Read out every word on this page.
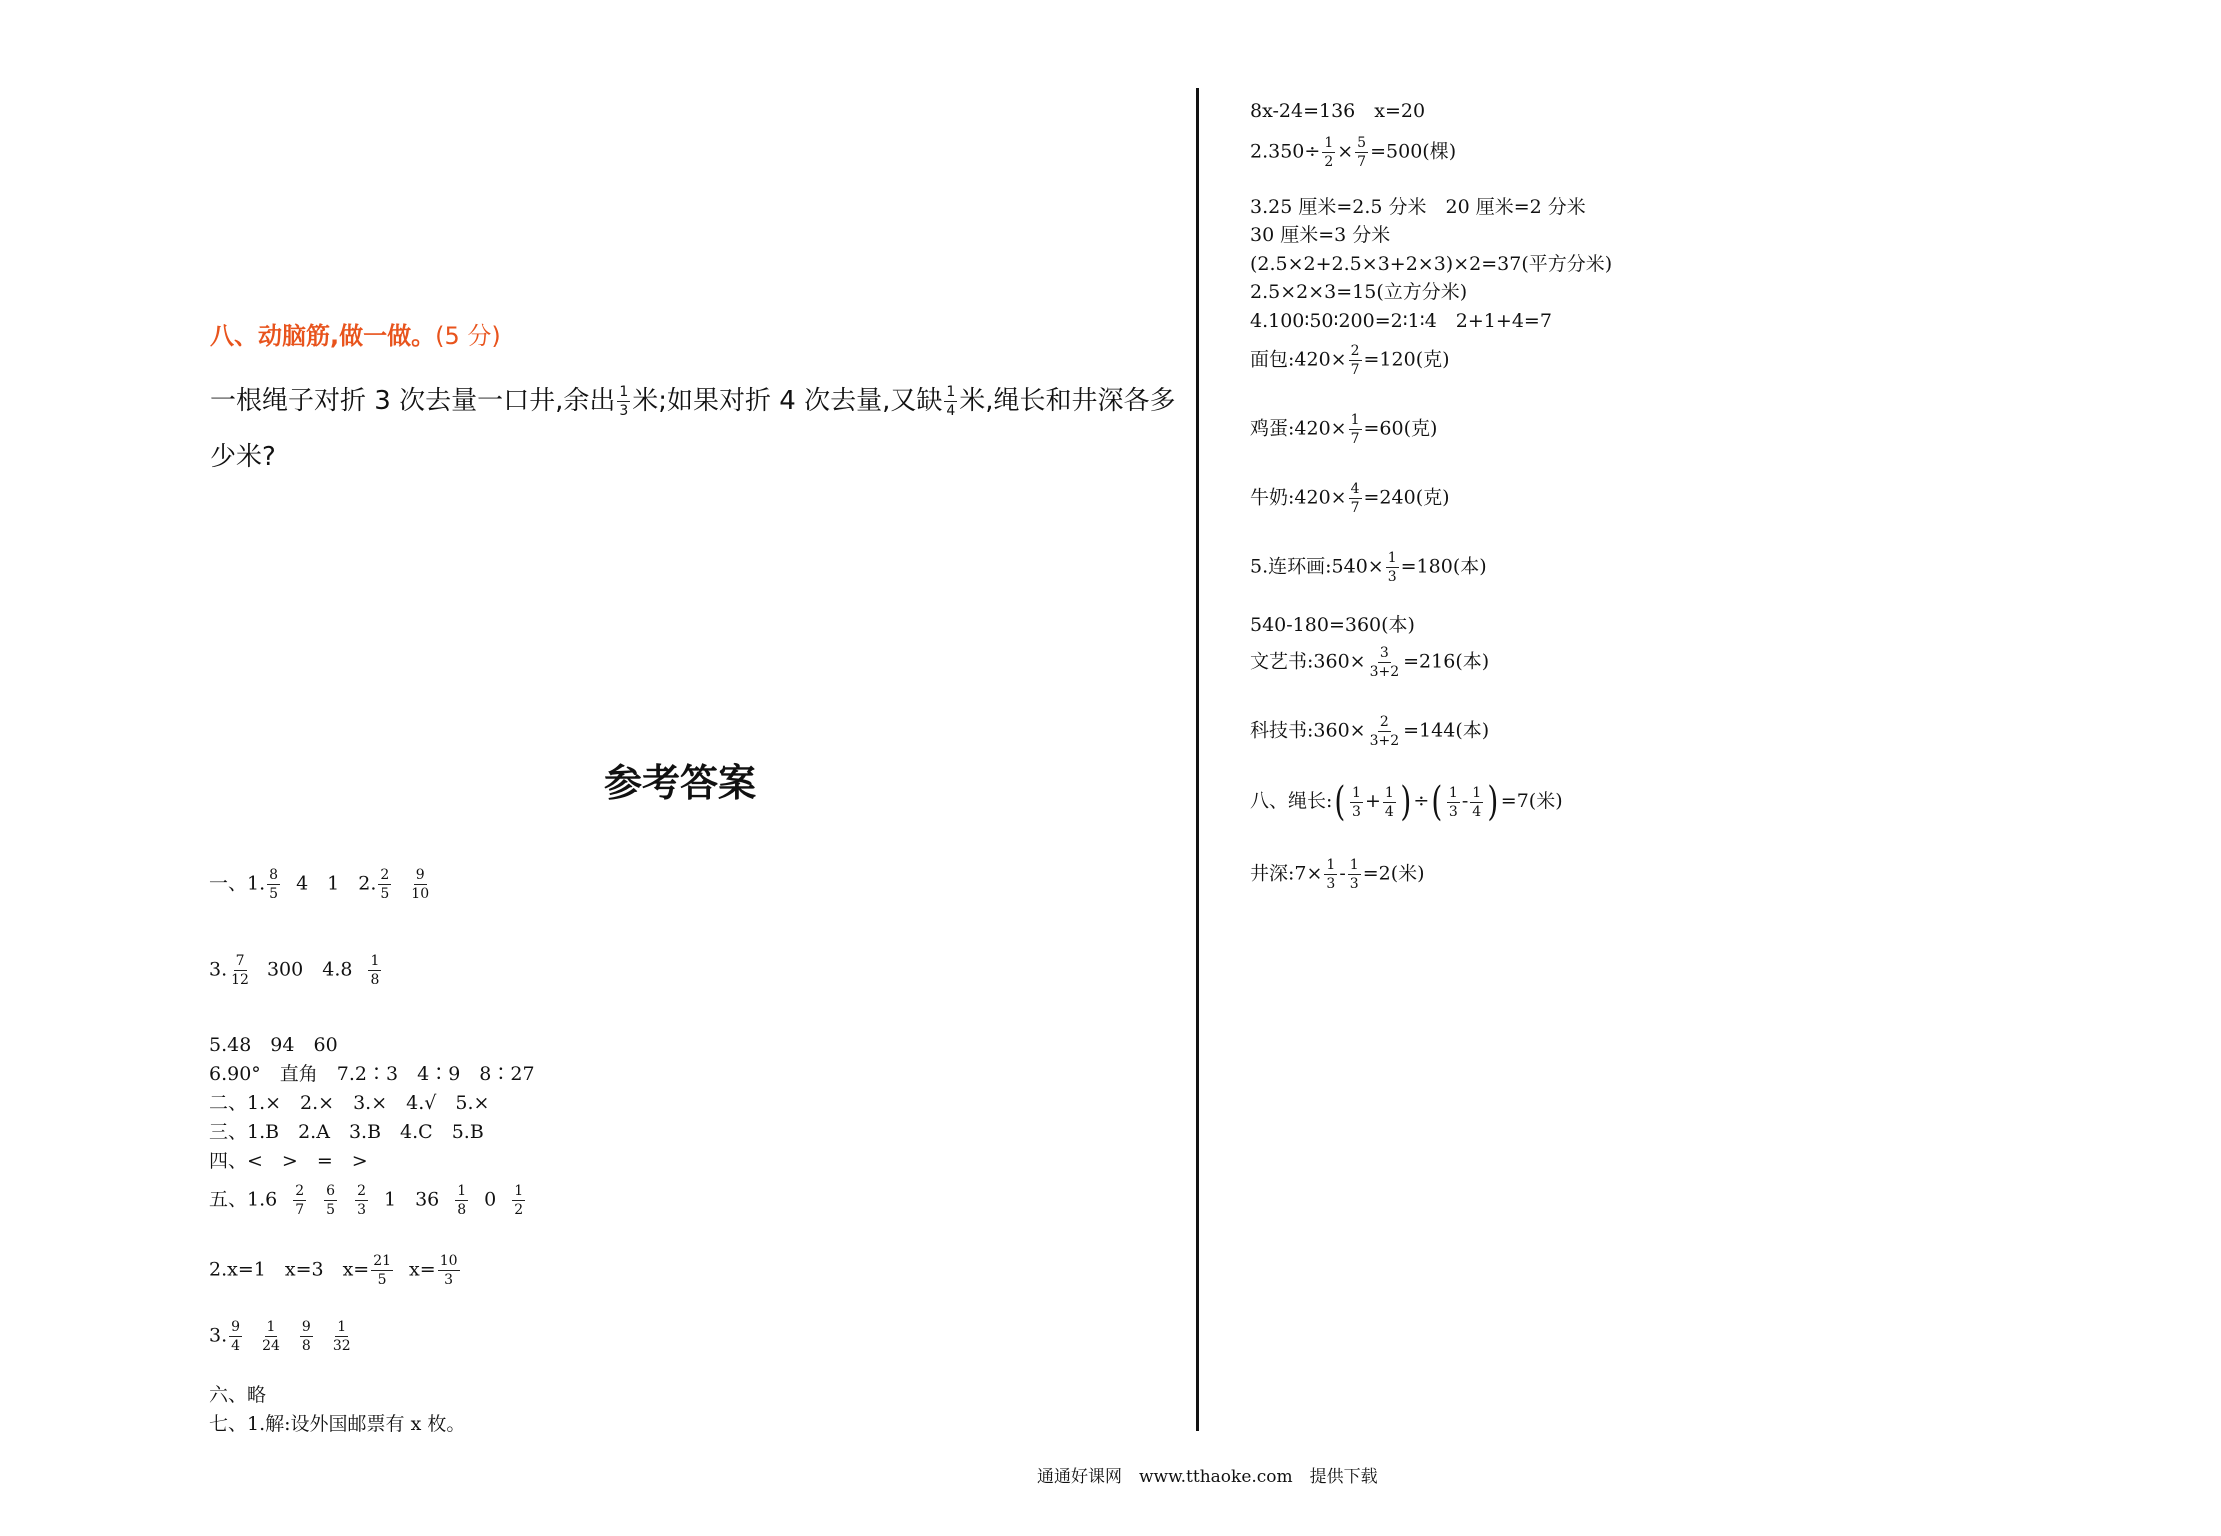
八、动脑筋,做一做。(5 分)
一根绳子对折 3 次去量一口井,余出 $\frac{1}{3}$ 米;如果对折 4 次去量,又缺 $\frac{1}{4}$ 米,绳长和井深各多
少米?
参考答案
一、1. $\frac{8}{5} 4$　1　2. $\frac{2}{5} \frac{9}{10}$
3. $\frac{7}{12} 300$　$4.8 \frac{1}{8}$
5.48　94　60
6.90°　直角　7.2∶3　4∶9　8∶27
二、1.×　2.×　3.×　4.√　5.×
三、1.B　2.A　3.B　4.C　5.B
四、<　>　=　>
五、$1.6 \frac{2}{7} \frac{6}{5} \frac{2}{3} 1$　$36 \frac{1}{8} 0 \frac{1}{2}$
2.x=1　x=3　$x= \frac{21}{5} x= \frac{10}{3}$
3. $\frac{9}{4} \frac{1}{24} \frac{9}{8} \frac{1}{32}$
六、略
七、1.解:设外国邮票有 x 枚。
8x-24=136　x=20
$2.350\div \frac{1}{2} \times \frac{5}{7} =500$(棵)
3.25 厘米=2.5 分米　20 厘米=2 分米
30 厘米=3 分米
(2.5×2+2.5×3+2×3)×2=37(平方分米)
2.5×2×3=15(立方分米)
4.100∶50∶200=2∶1∶4　2+1+4=7
面包:420× $\frac{2}{7} =120$(克)
鸡蛋:420× $\frac{1}{7} =60$(克)
牛奶:420× $\frac{4}{7} =240$(克)
5.连环画:540× $\frac{1}{3} =180$(本)
540-180=360(本)
文艺书:360× $\frac{3}{3+2} =216$(本)
科技书:360× $\frac{2}{3+2} =144$(本)
八、绳长:( $\frac{1}{3} + \frac{1}{4}$ ) ÷( $\frac{1}{3} - \frac{1}{4}$ ) =7(米)
井深:7× $\frac{1}{3} - \frac{1}{3} =2$(米)
通通好课网　www.tthaoke.com　提供下载
